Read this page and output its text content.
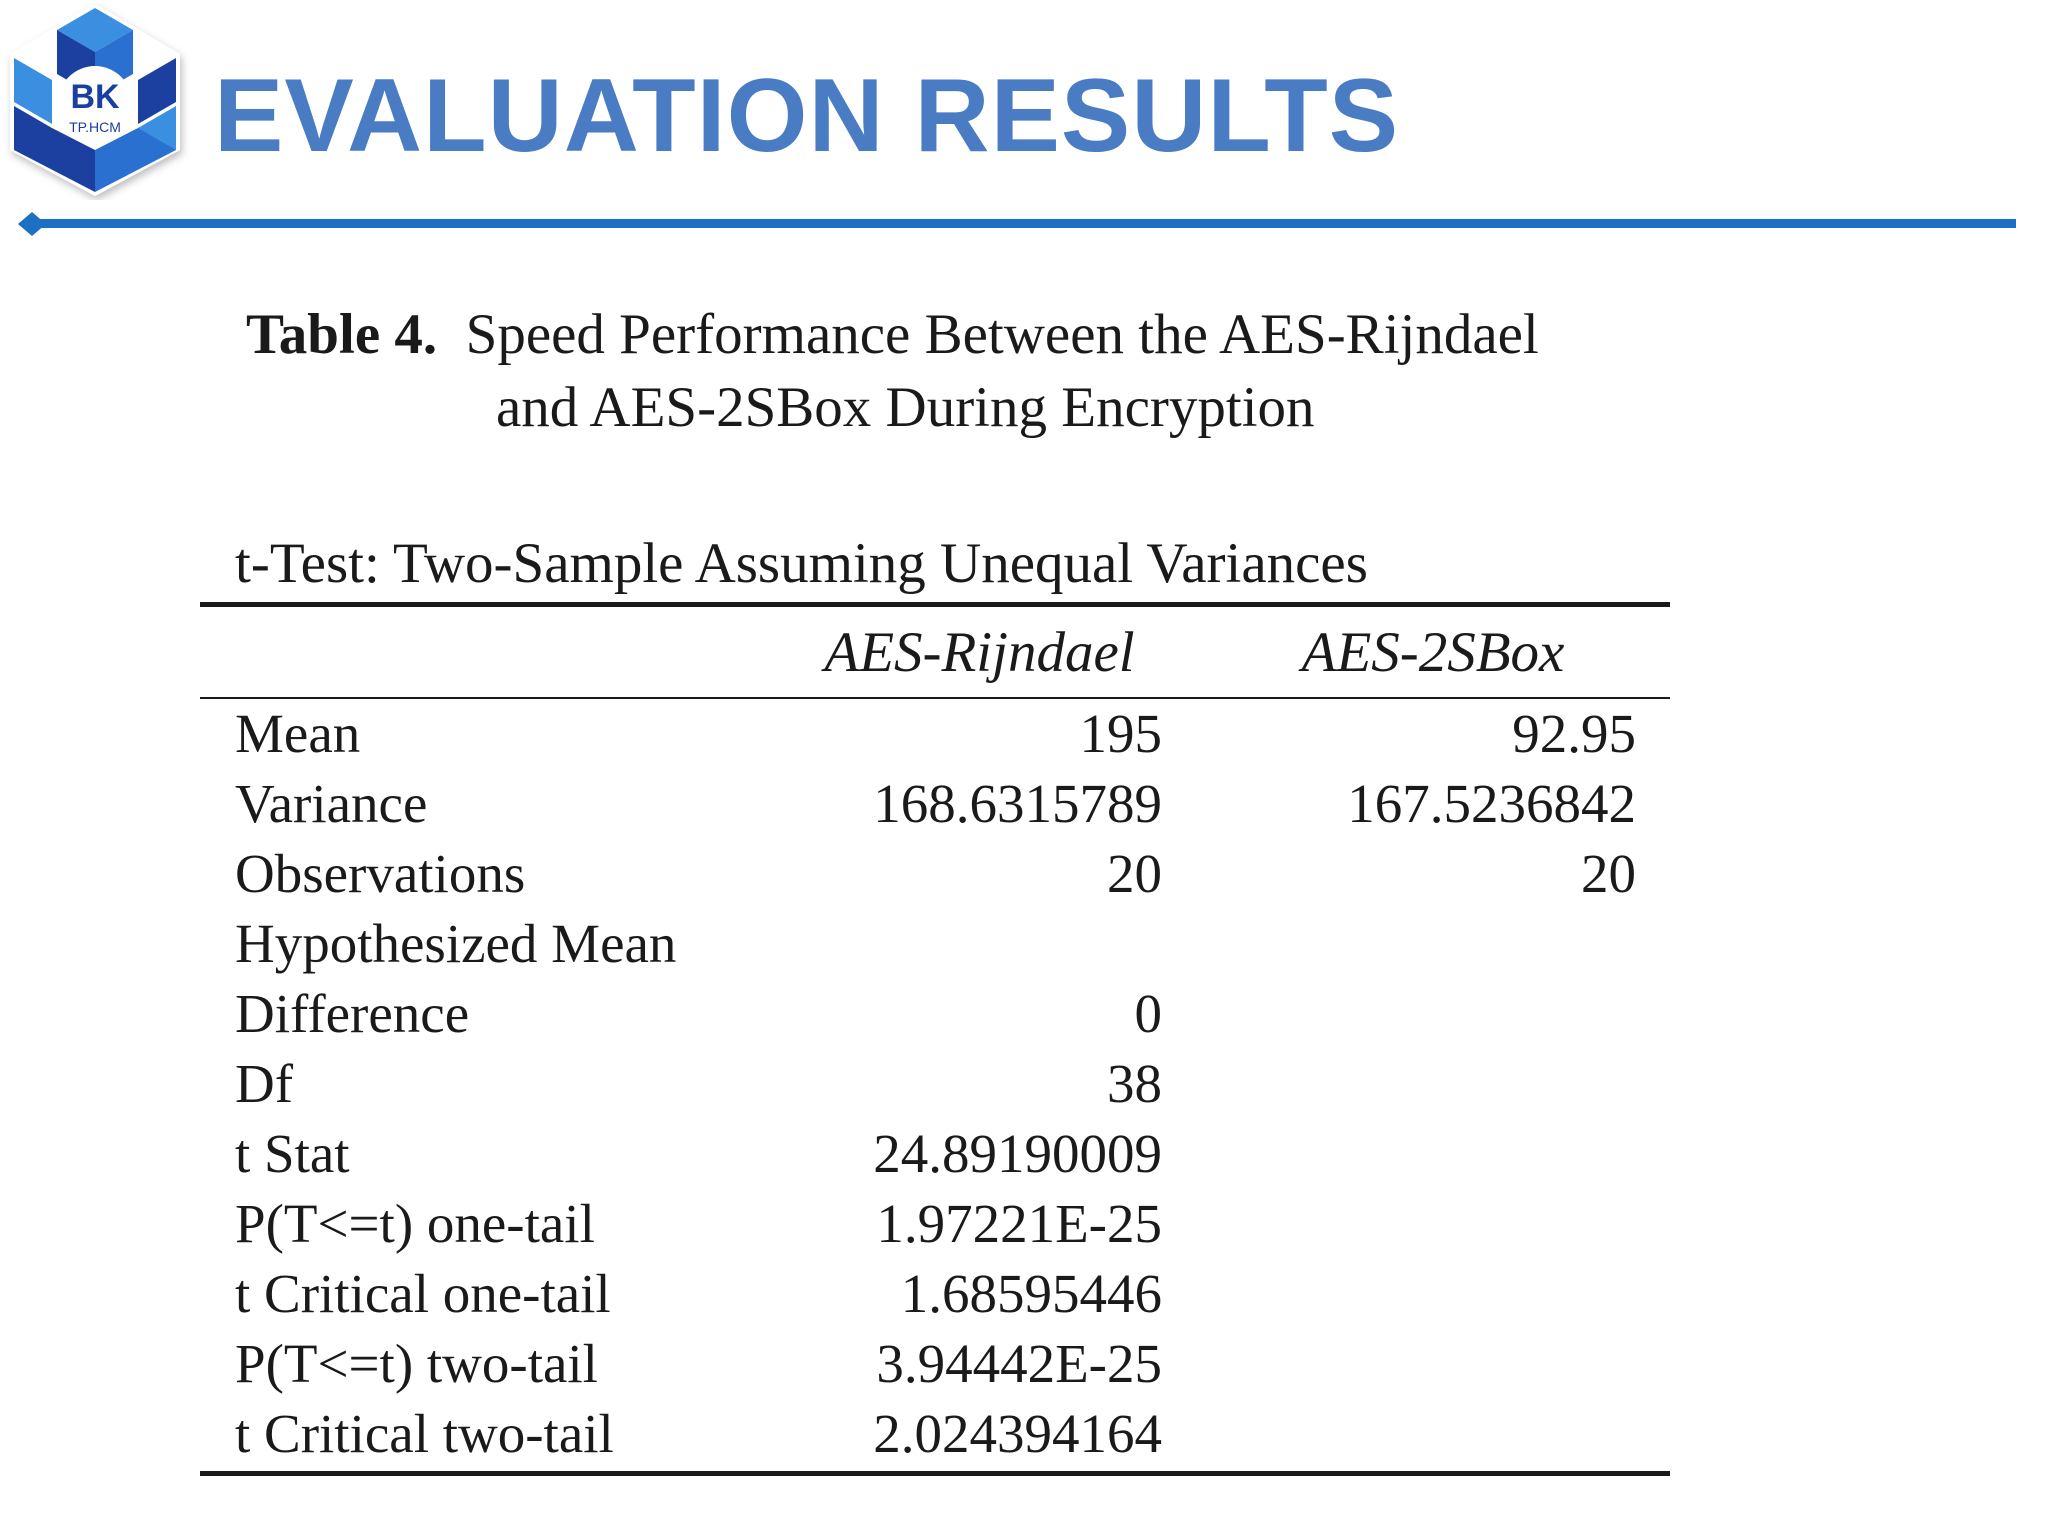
BK
TP.HCM EVALUATION RESULTS
Table 4. Speed Performance Between the AES-Rijndael
and AES-2SBox During Encryption
t-Test: Two-Sample Assuming Unequal Variances
	AES-Rijndael	AES-2SBox
Mean	195	92.95
Variance	168.6315789	167.5236842
Observations	20	20
Hypothesized Mean
Difference	0	
Df	38	
t Stat	24.89190009	
P(T<=t) one-tail	1.97221E-25	
t Critical one-tail	1.68595446	
P(T<=t) two-tail	3.94442E-25	
t Critical two-tail	2.024394164	
